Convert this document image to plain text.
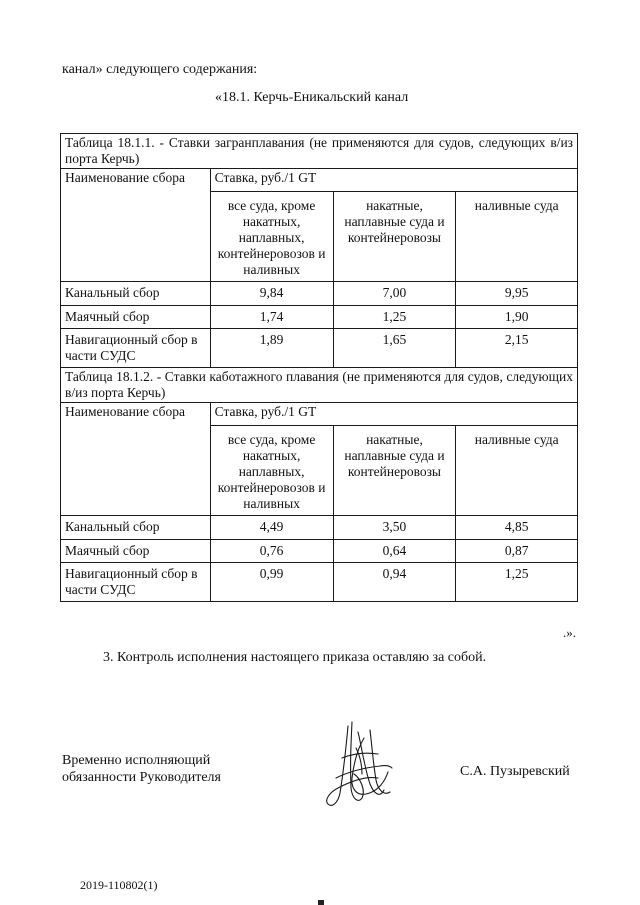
канал» следующего содержания:
«18.1. Керчь-Еникальский канал
Таблица 18.1.1. - Ставки загранплавания (не применяются для судов, следующих в/из порта Керчь)			
Наименование сбора	Ставка, руб./1 GT		
	все суда, кроме накатных, наплавных, контейнеровозов и наливных	накатные, наплавные суда и контейнеровозы	наливные суда
Канальный сбор	9,84	7,00	9,95
Маячный сбор	1,74	1,25	1,90
Навигационный сбор в части СУДС	1,89	1,65	2,15
Таблица 18.1.2. - Ставки каботажного плавания (не применяются для судов, следующих в/из порта Керчь)			
Наименование сбора	Ставка, руб./1 GT		
	все суда, кроме накатных, наплавных, контейнеровозов и наливных	накатные, наплавные суда и контейнеровозы	наливные суда
Канальный сбор	4,49	3,50	4,85
Маячный сбор	0,76	0,64	0,87
Навигационный сбор в части СУДС	0,99	0,94	1,25
.».
3. Контроль исполнения настоящего приказа оставляю за собой.
Временно исполняющий
обязанности Руководителя	С.А. Пузыревский
2019-110802(1)
